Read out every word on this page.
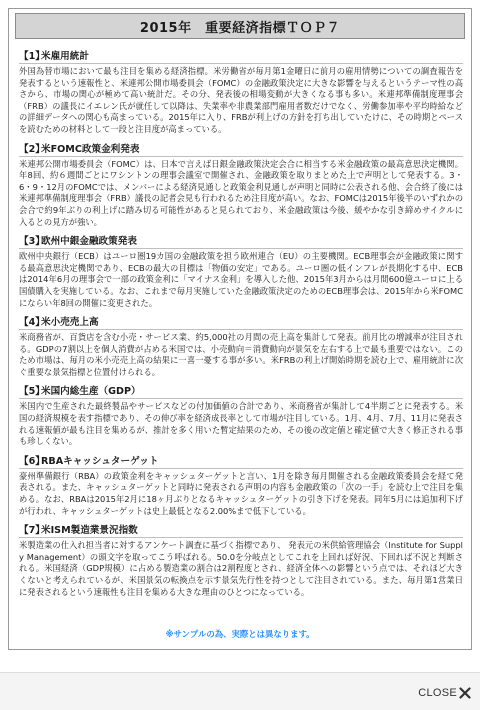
2015年　重要経済指標ＴＯＰ７
【1】米雇用統計
外国為替市場において最も注目を集める経済指標。米労働省が毎月第1金曜日に前月の雇用情勢についての調査報告を発表するという速報性と、米連邦公開市場委員会（FOMC）の金融政策決定に大きな影響を与えるというテーマ性の高さから、市場の関心が極めて高い統計だ。その分、発表後の相場変動が大きくなる事も多い。米連邦準備制度理事会（FRB）の議長にイエレン氏が就任して以降は、失業率や非農業部門雇用者数だけでなく、労働参加率や平均時給などの詳細データへの関心も高まっている。2015年に入り、FRBが利上げの方針を打ち出していたけに、その時期とペースを読むための材料として一段と注目度が高まっている。
【2】米FOMC政策金利発表
米連邦公開市場委員会（FOMC）は、日本で言えば日銀金融政策決定会合に相当する米金融政策の最高意思決定機関。年8回、約６週間ごとにワシントンの理事会議室で開催され、金融政策を取りまとめた上で声明として発表する。3・6・9・12月のFOMCでは、メンバーによる経済見通しと政策金利見通しが声明と同時に公表される他、会合終了後には米連邦準備制度理事会（FRB）議長の記者会見も行われるため注目度が高い。なお、FOMCは2015年後半のいずれかの会合で約9年ぶりの利上げに踏み切る可能性があると見られており、米金融政策は今後、緩やかな引き締めサイクルに入るとの見方が強い。
【3】欧州中銀金融政策発表
欧州中央銀行（ECB）はユーロ圏19カ国の金融政策を担う欧州連合（EU）の主要機関。ECB理事会が金融政策に関する最高意思決定機関であり、ECBの最大の目標は「物価の安定」である。ユーロ圏の低インフレが長期化する中、ECBは2014年6月の理事会で一部の政策金利に「マイナス金利」を導入した他、2015年3月からは月間600億ユーロに上る国債購入を実施している。なお、これまで毎月実施していた金融政策決定のためのECB理事会は、2015年から米FOMCにならい年8回の開催に変更された。
【4】米小売売上高
米商務省が、百貨店を含む小売・サービス業、約5,000社の月間の売上高を集計して発表。前月比の増減率が注目される。GDPの7割以上を個人消費が占める米国では、小売動向＝消費動向が景気を左右する上で最も重要ではない。このため市場は、毎月の米小売売上高の結果に一喜一憂する事が多い。米FRBの利上げ開始時期を読む上で、雇用統計に次ぐ重要な景気指標と位置付けられる。
【5】米国内総生産（GDP）
米国内で生産された最終製品やサービスなどの付加価値の合計であり、米商務省が集計して4半期ごとに発表する。米国の経済規模を表す指標であり、その伸び率を経済成長率として市場が注目している。1月、4月、7月、11月に発表される速報値が最も注目を集めるが、推計を多く用いた暫定結果のため、その後の改定値と確定値で大きく修正される事も珍しくない。
【6】RBAキャッシュターゲット
豪州準備銀行（RBA）の政策金利をキャッシュターゲットと言い、1月を除き毎月開催される金融政策委員会を経て発表される。また、キャッシュターゲットと同時に発表される声明の内容も金融政策の「次の一手」を読む上で注目を集める。なお、RBAは2015年2月に18ヶ月ぶりとなるキャッシュターゲットの引き下げを発表。同年5月には追加利下げが行われ、キャッシュターゲットは史上最低となる2.00%まで低下している。
【7】米ISM製造業景況指数
米製造業の仕入れ担当者に対するアンケート調査に基づく指標であり、 発表元の米供給管理協会（Institute for Supply Management）の頭文字を取ってこう呼ばれる。50.0を分岐点としてこれを上回れば好況、下回れば不況と判断される。米国経済（GDP規模）に占める製造業の割合は2割程度とされ、経済全体への影響という点では、それほど大きくないと考えられているが、米国景気の転換点を示す景気先行性を持つとして注目されている。また、毎月第1営業日に発表されるという速報性も注目を集める大きな理由のひとつになっている。
※サンプルの為、実際とは異なります。
CLOSE
